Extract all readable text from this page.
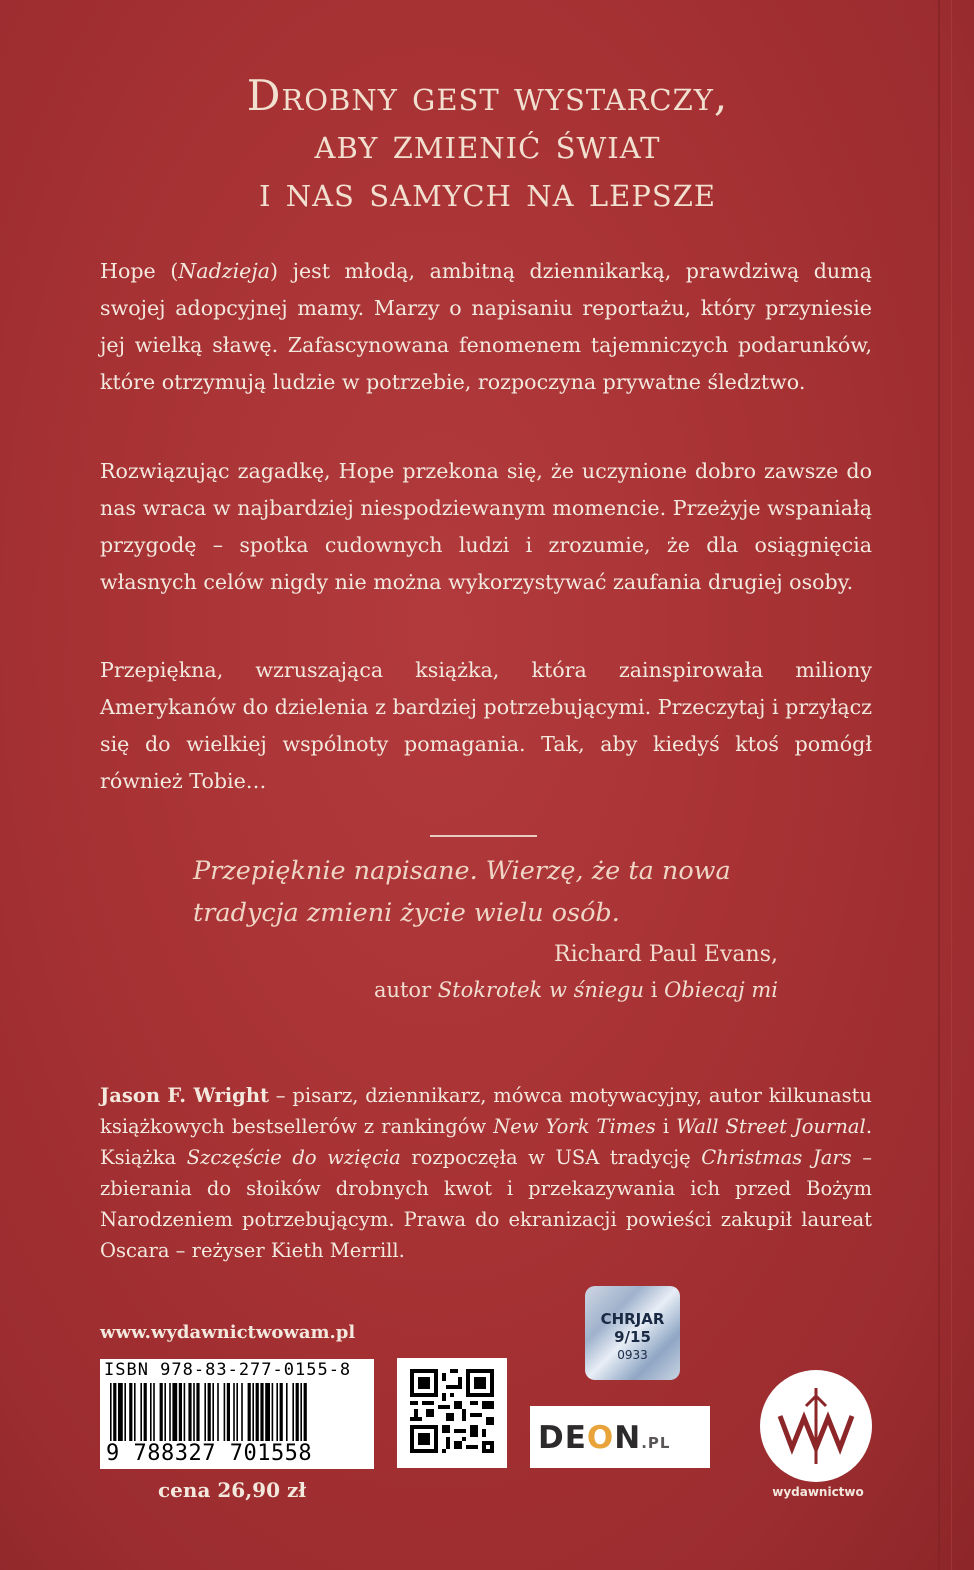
Drobny gest wystarczy,
aby zmienić świat
i nas samych na lepsze
Hope (Nadzieja) jest młodą, ambitną dziennikarką, prawdziwą dumą swojej adopcyjnej mamy. Marzy o napisaniu reportażu, który przyniesie jej wielką sławę. Zafascynowana fenomenem tajemniczych podarunków, które otrzymują ludzie w potrzebie, rozpoczyna prywatne śledztwo.
Rozwiązując zagadkę, Hope przekona się, że uczynione dobro zawsze do nas wraca w najbardziej niespodziewanym momencie. Przeżyje wspaniałą przygodę – spotka cudownych ludzi i zrozumie, że dla osiągnięcia własnych celów nigdy nie można wykorzystywać zaufania drugiej osoby.
Przepiękna, wzruszająca książka, która zainspirowała miliony Amerykanów do dzielenia z bardziej potrzebującymi. Przeczytaj i przyłącz się do wielkiej wspólnoty pomagania. Tak, aby kiedyś ktoś pomógł również Tobie…
Przepięknie napisane. Wierzę, że ta nowa
tradycja zmieni życie wielu osób.
Richard Paul Evans,
autor Stokrotek w śniegu i Obiecaj mi
Jason F. Wright – pisarz, dziennikarz, mówca motywacyjny, autor kilkunastu książkowych bestsellerów z rankingów New York Times i Wall Street Journal. Książka Szczęście do wzięcia rozpoczęła w USA tradycję Christmas Jars – zbierania do słoików drobnych kwot i przekazywania ich przed Bożym Narodzeniem potrzebującym. Prawa do ekranizacji powieści zakupił laureat Oscara – reżyser Kieth Merrill.
www.wydawnictwowam.pl
ISBN 978-83-277-0155-8
9 788327 701558
cena 26,90 zł
CHRJAR
9/15
0933
DEON.PL
wydawnictwo
